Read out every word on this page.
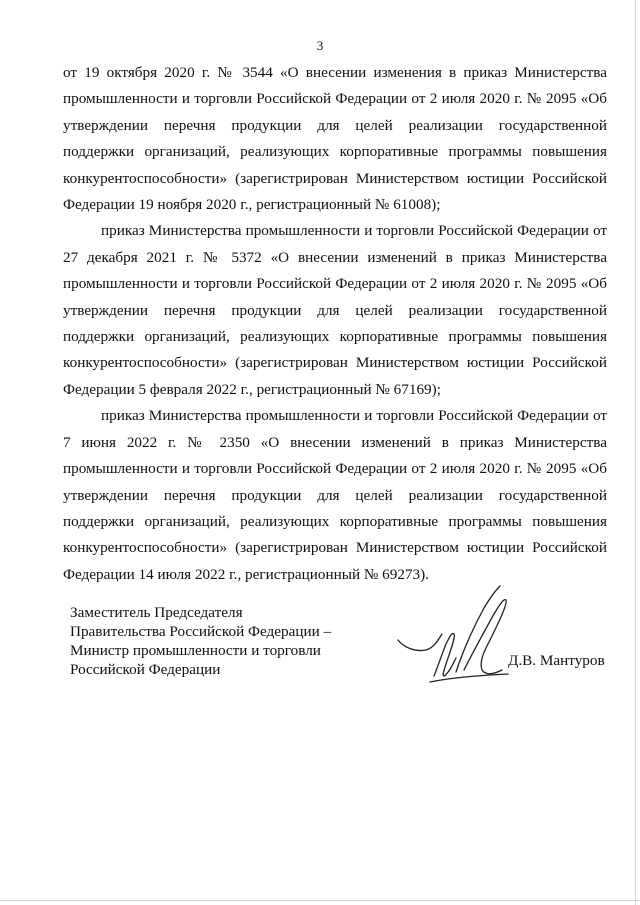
3

от 19 октября 2020 г. № 3544 «О внесении изменения в приказ Министерства промышленности и торговли Российской Федерации от 2 июля 2020 г. № 2095 «Об утверждении перечня продукции для целей реализации государственной поддержки организаций, реализующих корпоративные программы повышения конкурентоспособности» (зарегистрирован Министерством юстиции Российской Федерации 19 ноября 2020 г., регистрационный № 61008);

приказ Министерства промышленности и торговли Российской Федерации от 27 декабря 2021 г. № 5372 «О внесении изменений в приказ Министерства промышленности и торговли Российской Федерации от 2 июля 2020 г. № 2095 «Об утверждении перечня продукции для целей реализации государственной поддержки организаций, реализующих корпоративные программы повышения конкурентоспособности» (зарегистрирован Министерством юстиции Российской Федерации 5 февраля 2022 г., регистрационный № 67169);

приказ Министерства промышленности и торговли Российской Федерации от 7 июня 2022 г. № 2350 «О внесении изменений в приказ Министерства промышленности и торговли Российской Федерации от 2 июля 2020 г. № 2095 «Об утверждении перечня продукции для целей реализации государственной поддержки организаций, реализующих корпоративные программы повышения конкурентоспособности» (зарегистрирован Министерством юстиции Российской Федерации 14 июля 2022 г., регистрационный № 69273).

Заместитель Председателя
Правительства Российской Федерации –
Министр промышленности и торговли
Российской Федерации
Д.В. Мантуров
